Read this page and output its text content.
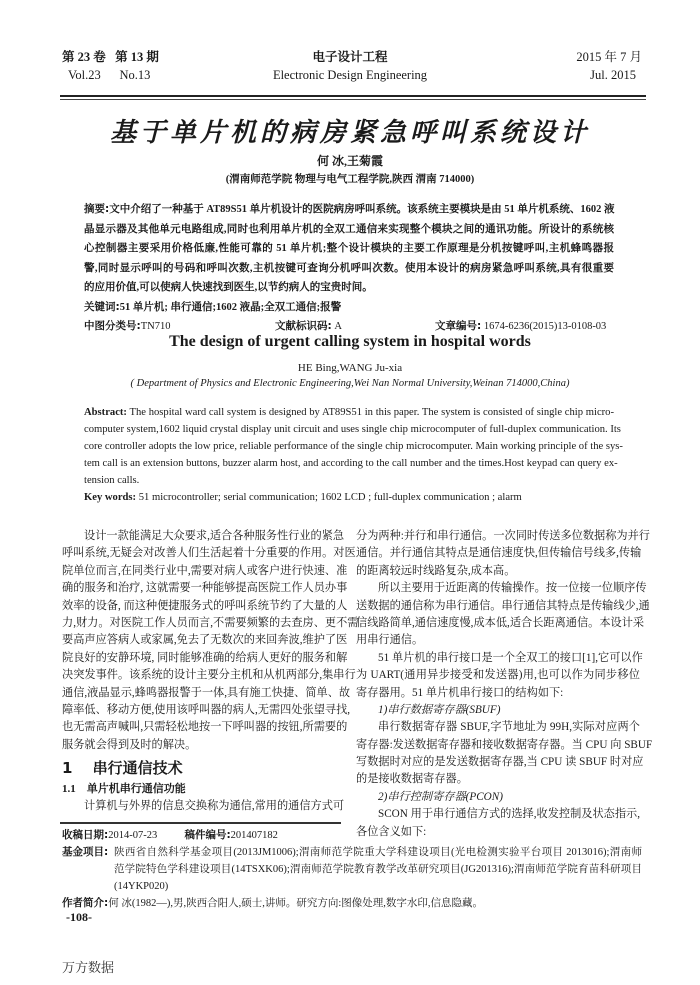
第 23 卷 第 13 期
Vol.23 No.13
电子设计工程
Electronic Design Engineering
2015 年 7 月
Jul. 2015
基于单片机的病房紧急呼叫系统设计
何 冰,王菊霞
(渭南师范学院 物理与电气工程学院,陕西 渭南 714000)
摘要:文中介绍了一种基于 AT89S51 单片机设计的医院病房呼叫系统。该系统主要模块是由 51 单片机系统、1602 液
晶显示器及其他单元电路组成,同时也利用单片机的全双工通信来实现整个模块之间的通讯功能。所设计的系统核
心控制器主要采用价格低廉,性能可靠的 51 单片机;整个设计模块的主要工作原理是分机按键呼叫,主机蜂鸣器报
警,同时显示呼叫的号码和呼叫次数,主机按键可查询分机呼叫次数。使用本设计的病房紧急呼叫系统,具有很重要
的应用价值,可以使病人快速找到医生,以节约病人的宝贵时间。
关键词:51 单片机; 串行通信;1602 液晶;全双工通信;报警
中图分类号:TN710	文献标识码: A	文章编号: 1674-6236(2015)13-0108-03
The design of urgent calling system in hospital words
HE Bing,WANG Ju-xia
( Department of Physics and Electronic Engineering,Wei Nan Normal University,Weinan 714000,China)
Abstract: The hospital ward call system is designed by AT89S51 in this paper. The system is consisted of single chip micro-
computer system,1602 liquid crystal display unit circuit and uses single chip microcomputer of full-duplex communication. Its
core controller adopts the low price, reliable performance of the single chip microcomputer. Main working principle of the sys-
tem call is an extension buttons, buzzer alarm host, and according to the call number and the times.Host keypad can query ex-
tension calls.
Key words: 51 microcontroller; serial communication; 1602 LCD ; full-duplex communication ; alarm
设计一款能满足大众要求,适合各种服务性行业的紧急
呼叫系统,无疑会对改善人们生活起着十分重要的作用。对医
院单位而言,在同类行业中,需要对病人或客户进行快速、准
确的服务和治疗, 这就需要一种能够提高医院工作人员办事
效率的设备, 而这种便捷服务式的呼叫系统节约了大量的人
力,财力。对医院工作人员而言,不需要频繁的去查房、更不需
要高声应答病人或家属,免去了无数次的来回奔波,维护了医
院良好的安静环境, 同时能够准确的给病人更好的服务和解
决突发事件。该系统的设计主要分主机和从机两部分,集串行
通信,液晶显示,蜂鸣器报警于一体,具有施工快捷、简单、故
障率低、移动方便,使用该呼叫器的病人,无需四处张望寻找,
也无需高声喊叫,只需轻松地按一下呼叫器的按钮,所需要的
服务就会得到及时的解决。
1　 串行通信技术
1.1　单片机串行通信功能
计算机与外界的信息交换称为通信,常用的通信方式可
分为两种:并行和串行通信。一次同时传送多位数据称为并行
通信。并行通信其特点是通信速度快,但传输信号线多,传输
的距离较远时线路复杂,成本高。
所以主要用于近距离的传输操作。按一位接一位顺序传
送数据的通信称为串行通信。串行通信其特点是传输线少,通
信线路简单,通信速度慢,成本低,适合长距离通信。本设计采
用串行通信。
51 单片机的串行接口是一个全双工的接口[1],它可以作
为 UART(通用异步接受和发送器)用,也可以作为同步移位
寄存器用。51 单片机串行接口的结构如下:
1)串行数据寄存器(SBUF)
串行数据寄存器 SBUF,字节地址为 99H,实际对应两个
寄存器:发送数据寄存器和接收数据寄存器。当 CPU 向 SBUF
写数据时对应的是发送数据寄存器,当 CPU 读 SBUF 时对应
的是接收数据寄存器。
2)串行控制寄存器(PCON)
SCON 用于串行通信方式的选择,收发控制及状态指示,
各位含义如下:
收稿日期:2014-07-23	稿件编号:201407182
基金项目: 陕西省自然科学基金项目(2013JM1006);渭南师范学院重大学科建设项目(光电检测实验平台项目 2013016);渭南师
范学院特色学科建设项目(14TSXK06);渭南师范学院教育教学改革研究项目(JG201316);渭南师范学院育苗科研项目
(14YKP020)
作者简介:何 冰(1982—),男,陕西合阳人,硕士,讲师。研究方向:图像处理,数字水印,信息隐藏。
-108-
万方数据
